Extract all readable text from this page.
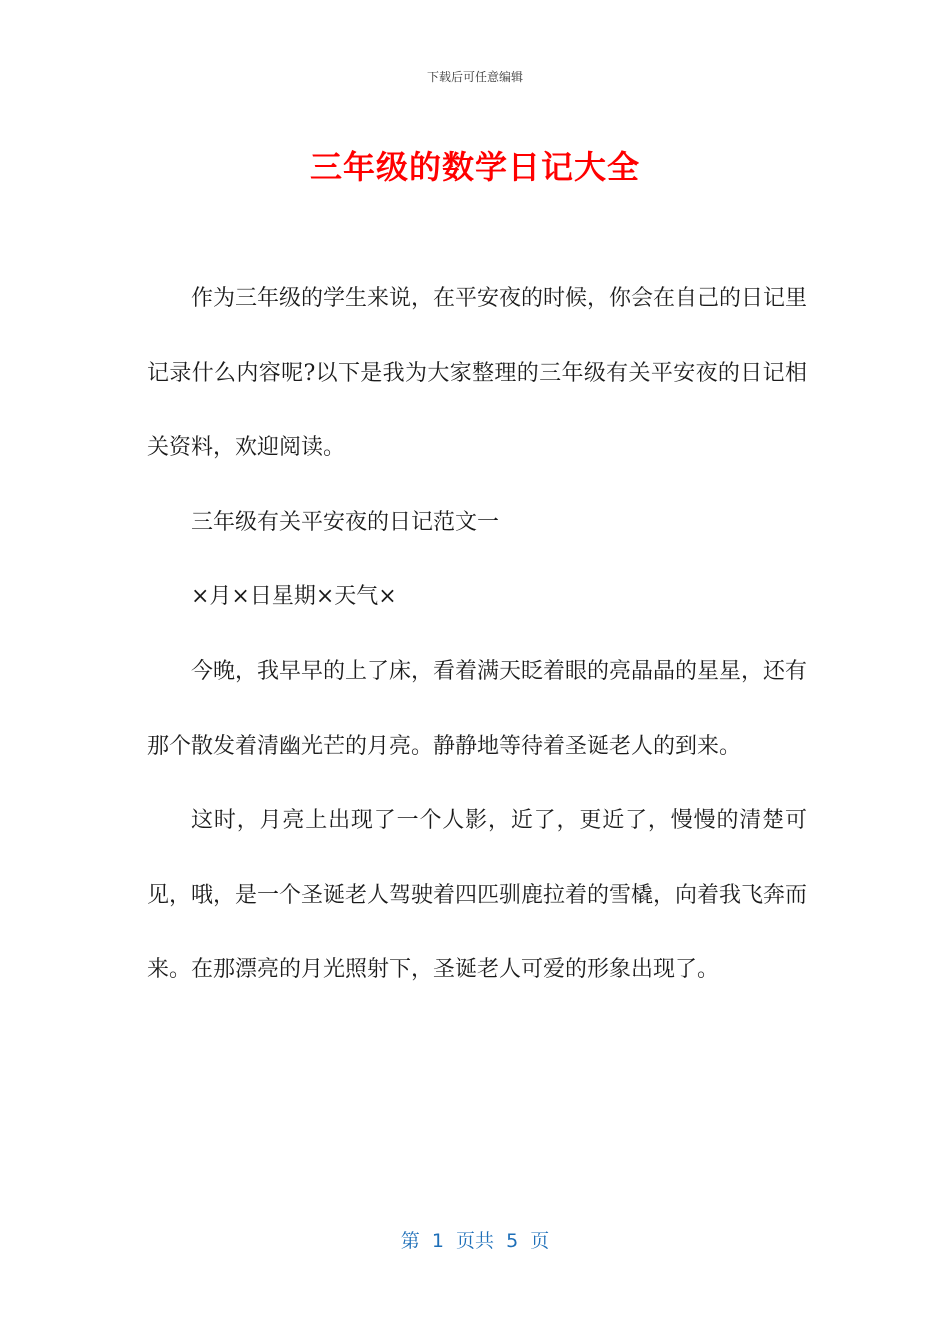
下载后可任意编辑
三年级的数学日记大全

作为三年级的学生来说，在平安夜的时候，你会在自己的日记里记录什么内容呢?以下是我为大家整理的三年级有关平安夜的日记相关资料，欢迎阅读。

三年级有关平安夜的日记范文一

×月×日星期×天气×

今晚，我早早的上了床，看着满天眨着眼的亮晶晶的星星，还有那个散发着清幽光芒的月亮。静静地等待着圣诞老人的到来。

这时，月亮上出现了一个人影，近了，更近了，慢慢的清楚可见，哦，是一个圣诞老人驾驶着四匹驯鹿拉着的雪橇，向着我飞奔而来。在那漂亮的月光照射下，圣诞老人可爱的形象出现了。

第  1  页共  5  页
